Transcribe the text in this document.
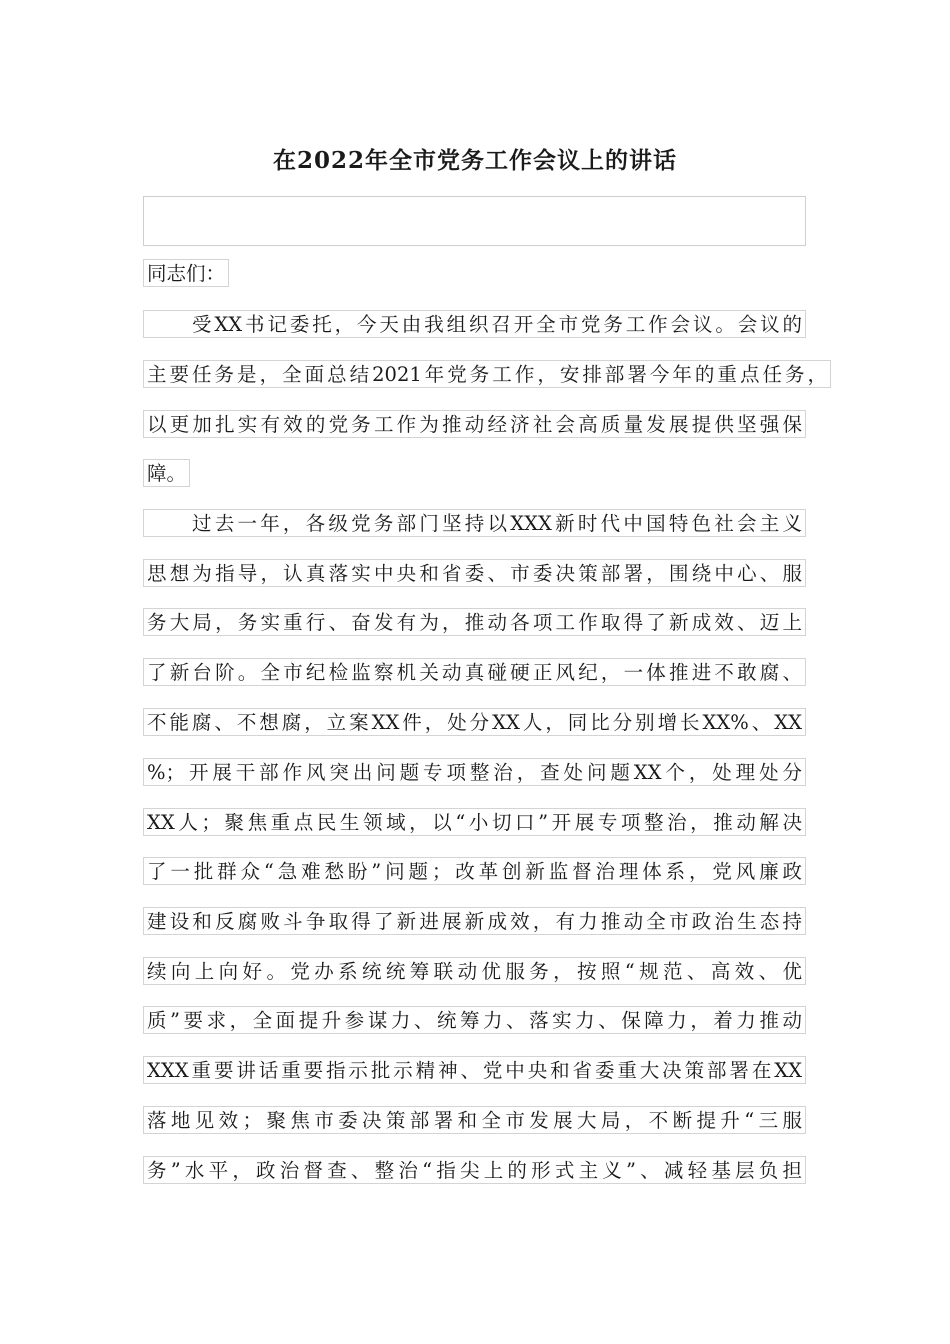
在2022年全市党务工作会议上的讲话
同志们：
受XX书记委托，今天由我组织召开全市党务工作会议。会议的
主要任务是，全面总结2021年党务工作，安排部署今年的重点任务，
以更加扎实有效的党务工作为推动经济社会高质量发展提供坚强保
障。
过去一年，各级党务部门坚持以XXX新时代中国特色社会主义
思想为指导，认真落实中央和省委、市委决策部署，围绕中心、服
务大局，务实重行、奋发有为，推动各项工作取得了新成效、迈上
了新台阶。全市纪检监察机关动真碰硬正风纪，一体推进不敢腐、
不能腐、不想腐，立案XX件，处分XX人，同比分别增长XX%、XX
%；开展干部作风突出问题专项整治，查处问题XX个，处理处分
XX人；聚焦重点民生领域，以“小切口”开展专项整治，推动解决
了一批群众“急难愁盼”问题；改革创新监督治理体系，党风廉政
建设和反腐败斗争取得了新进展新成效，有力推动全市政治生态持
续向上向好。党办系统统筹联动优服务，按照“规范、高效、优
质”要求，全面提升参谋力、统筹力、落实力、保障力，着力推动
XXX重要讲话重要指示批示精神、党中央和省委重大决策部署在XX
落地见效；聚焦市委决策部署和全市发展大局，不断提升“三服
务”水平，政治督查、整治“指尖上的形式主义”、减轻基层负担
